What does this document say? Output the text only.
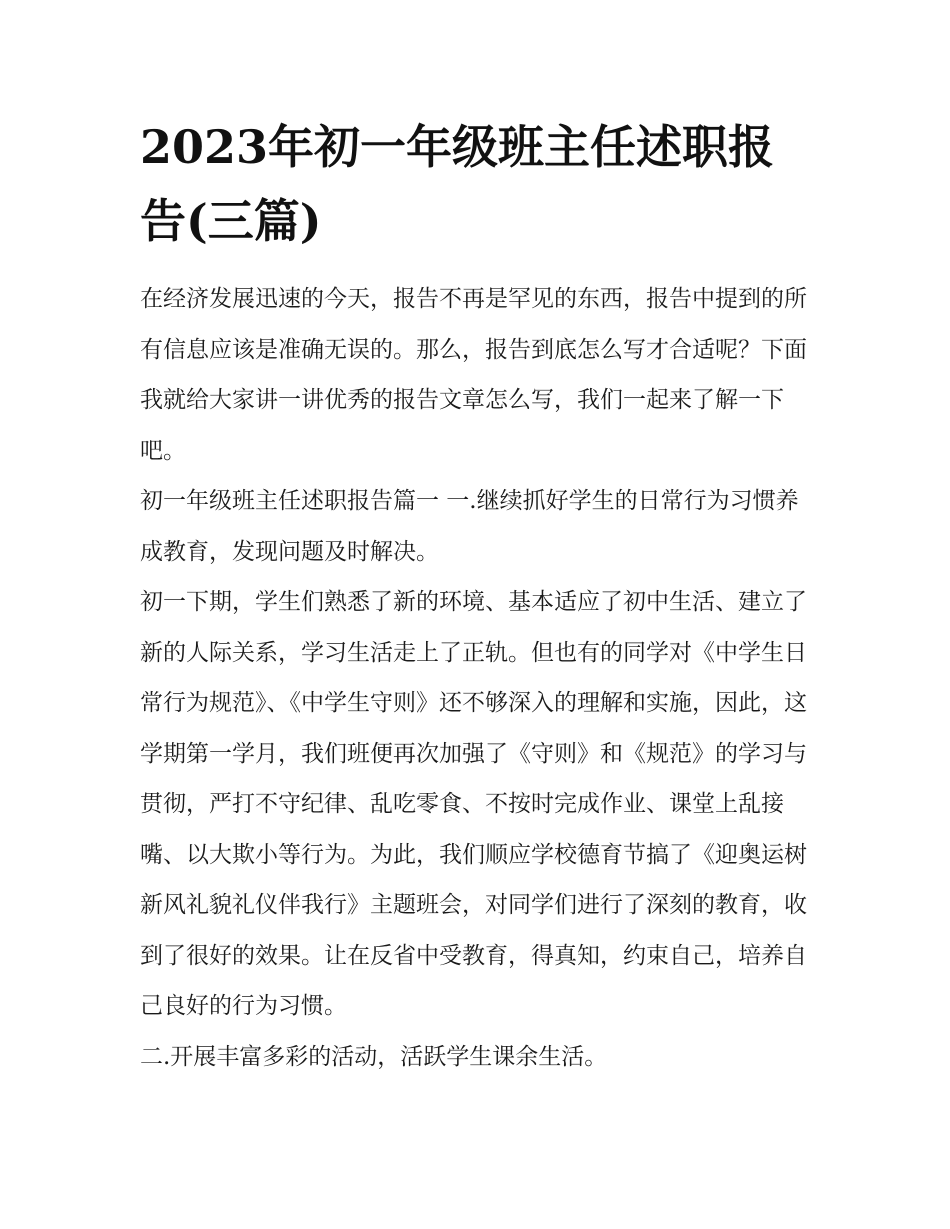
2023年初一年级班主任述职报告(三篇)

在经济发展迅速的今天，报告不再是罕见的东西，报告中提到的所有信息应该是准确无误的。那么，报告到底怎么写才合适呢？下面我就给大家讲一讲优秀的报告文章怎么写，我们一起来了解一下吧。

初一年级班主任述职报告篇一 一.继续抓好学生的日常行为习惯养成教育，发现问题及时解决。

初一下期，学生们熟悉了新的环境、基本适应了初中生活、建立了新的人际关系，学习生活走上了正轨。但也有的同学对《中学生日常行为规范》、《中学生守则》还不够深入的理解和实施，因此，这学期第一学月，我们班便再次加强了《守则》和《规范》的学习与贯彻，严打不守纪律、乱吃零食、不按时完成作业、课堂上乱接嘴、以大欺小等行为。为此，我们顺应学校德育节搞了《迎奥运树新风礼貌礼仪伴我行》主题班会，对同学们进行了深刻的教育，收到了很好的效果。让在反省中受教育，得真知，约束自己，培养自己良好的行为习惯。

二.开展丰富多彩的活动，活跃学生课余生活。
